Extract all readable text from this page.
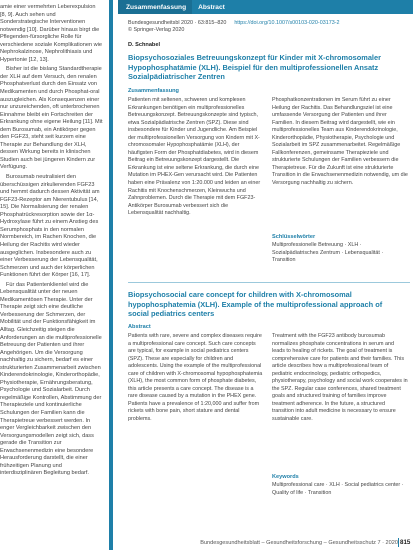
amie einer vermehrten Leberexpulsion [8, 9]. Auch sehen und Sonderstrategische Interventionen notwendig [10]. Darüber hinaus birgt die Pflegenden-fürsorgliche Rolle für verschiedene soziale Komplikationen wie Nephrokalzinose, Nephrolithiasis und Hypertonie [12, 13].

Bisher ist die bislang Standardtherapie der XLH auf dem Versuch, den renalen Phosphatverlust durch den Einsatz von Medikamenten und durch Phosphat-oral auszugleichen. Als Konsequenzen einer nur unzureichenden, oft unterbrochenen Einnahme bleibt ein Fortschreiten der Erkrankung ohne eigene Heilung [11]. Mit dem Burosumab, ein Antikörper gegen den FGF23, steht seit kurzem eine Therapie zur Behandlung der XLH, dessen Wirkung bereits in klinischen Studien auch bei jüngeren Kindern zur Verfügung.

Burosumab neutralisiert den überschüssigen zirkulierenden FGF23 und hemmt dadurch dessen Aktivität am FGF23-Rezeptor am Nierentubulus [14, 15]. Die Normalisierung der renalen Phosphatrückresorption sowie der 1α-Hydroxylase führt zu einem Anstieg des Serumphosphats in den normalen Normbereich, im Rachen Knochen, die Heilung der Rachitis wird wieder ausgeglichen. Insbesondere auch zu einer Verbesserung der Lebensqualität, Schmerzen und auch der körperlichen Funktionen führt der Körper [16, 17].

Für das Patientenklientel wird die Lebensqualität unter der neuen Medikamentösen Therapie. Unter der Therapie zeigt sich eine deutliche Verbesserung der Schmerzen, der Mobilität und der Funktionsfähigkeit im Alltag. Gleichzeitig steigen die Anforderungen an die multiprofessionelle Betreuung der Patienten und ihrer Angehörigen. Um die Versorgung nachhaltig zu sichern, bedarf es einer strukturierten Zusammenarbeit zwischen Kinderendokrinologie, Kinderorthopädie, Physiotherapie, Ernährungsberatung, Psychologie und Sozialarbeit. Durch regelmäßige Kontrollen, Abstimmung der Therapieziele und kontinuierliche Schulungen der Familien kann die Therapietreue verbessert werden. In enger Vergleichbarkeit zwischen den Versorgungsmodellen zeigt sich, dass gerade die Transition zur Erwachsenenmedizin eine besondere Herausforderung darstellt, die einer frühzeitigen Planung und interdisziplinären Begleitung bedarf.

Zusammenfassung	Abstract
Bundesgesundheitsbl 2020 · 63:815–820 https://doi.org/10.1007/s00103-020-03173-2
© Springer-Verlag 2020
D. Schnabel
Biopsychosoziales Betreuungskonzept für Kinder mit X-chromosomaler Hypophosphatämie (XLH). Beispiel für den multiprofessionellen Ansatz Sozialpädiatrischer Zentren
Zusammenfassung
Patienten mit seltenen, schweren und komplexen Erkrankungen benötigen ein multiprofessionelles Betreuungskonzept. Betreuungskonzepte sind typisch, etwa Sozialpädiatrische Zentren (SPZ). Diese sind insbesondere für Kinder und Jugendliche. Am Beispiel der multiprofessionellen Versorgung von Kindern mit X-chromosomaler Hypophosphatämie (XLH), der häufigsten Form der Phosphatdiabetes, wird in diesem Beitrag ein Betreuungskonzept dargestellt. Die Erkrankung ist eine seltene Erkrankung, die durch eine Mutation im PHEX-Gen verursacht wird. Die Patienten haben eine Prävalenz von 1:20.000 und leiden an einer Rachitis mit Knochenschmerzen, Kleinwuchs und Zahnproblemen. Durch die Therapie mit dem FGF23-Antikörper Burosumab verbessert sich die Lebensqualität nachhaltig.
Phosphatkonzentrationen im Serum führt zu einer Heilung der Rachitis. Das Behandlungsziel ist eine umfassende Versorgung der Patienten und ihrer Familien. In diesem Beitrag wird dargestellt, wie ein multiprofessionelles Team aus Kinderendokrinologie, Kinderorthopädie, Physiotherapie, Psychologie und Sozialarbeit im SPZ zusammenarbeitet. Regelmäßige Fallkonferenzen, gemeinsame Therapieziele und strukturierte Schulungen der Familien verbessern die Therapietreue. Für die Zukunft ist eine strukturierte Transition in die Erwachsenenmedizin notwendig, um die Versorgung nachhaltig zu sichern.
Schlüsselwörter
Multiprofessionelle Betreuung · XLH · Sozialpädiatrisches Zentrum · Lebensqualität · Transition
Biopsychosocial care concept for children with X-chromosomal hypophosphatemia (XLH). Example of the multiprofessional approach of social pediatrics centers
Abstract
Patients with rare, severe and complex diseases require a multiprofessional care concept. Such care concepts are typical, for example in social pediatrics centers (SPZ). These are especially for children and adolescents. Using the example of the multiprofessional care of children with X-chromosomal hypophosphatemia (XLH), the most common form of phosphate diabetes, this article presents a care concept. The disease is a rare disease caused by a mutation in the PHEX gene. Patients have a prevalence of 1:20,000 and suffer from rickets with bone pain, short stature and dental problems.
Treatment with the FGF23 antibody burosumab normalizes phosphate concentrations in serum and leads to healing of rickets. The goal of treatment is comprehensive care for patients and their families. This article describes how a multiprofessional team of pediatric endocrinology, pediatric orthopedics, physiotherapy, psychology and social work cooperates in the SPZ. Regular case conferences, shared treatment goals and structured training of families improve treatment adherence. In the future, a structured transition into adult medicine is necessary to ensure sustainable care.
Keywords
Multiprofessional care · XLH · Social pediatrics center · Quality of life · Transition
Bundesgesundheitsblatt – Gesundheitsforschung – Gesundheitsschutz 7 · 2020 815
